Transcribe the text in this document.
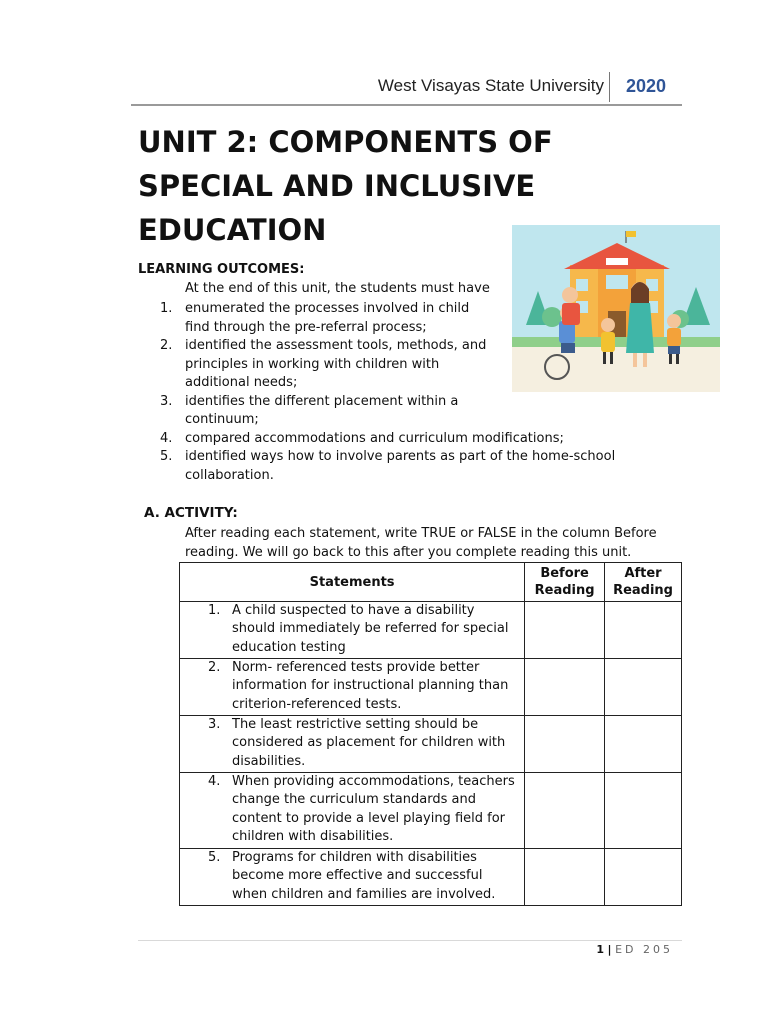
West Visayas State University 2020
UNIT 2: COMPONENTS OF SPECIAL AND INCLUSIVE EDUCATION
LEARNING OUTCOMES:
At the end of this unit, the students must have
1. enumerated the processes involved in child find through the pre-referral process;
2. identified the assessment tools, methods, and principles in working with children with additional needs;
3. identifies the different placement within a continuum;
4. compared accommodations and curriculum modifications;
5. identified ways how to involve parents as part of the home-school collaboration.
A. ACTIVITY:
After reading each statement, write TRUE or FALSE in the column Before reading. We will go back to this after you complete reading this unit.
Statements	Before Reading	After Reading

1. A child suspected to have a disability should immediately be referred for special education testing		

2. Norm- referenced tests provide better information for instructional planning than criterion-referenced tests.		

3. The least restrictive setting should be considered as placement for children with disabilities.		

4. When providing accommodations, teachers change the curriculum standards and content to provide a level playing field for children with disabilities.		

5. Programs for children with disabilities become more effective and successful when children and families are involved.		

1 | ED 205
